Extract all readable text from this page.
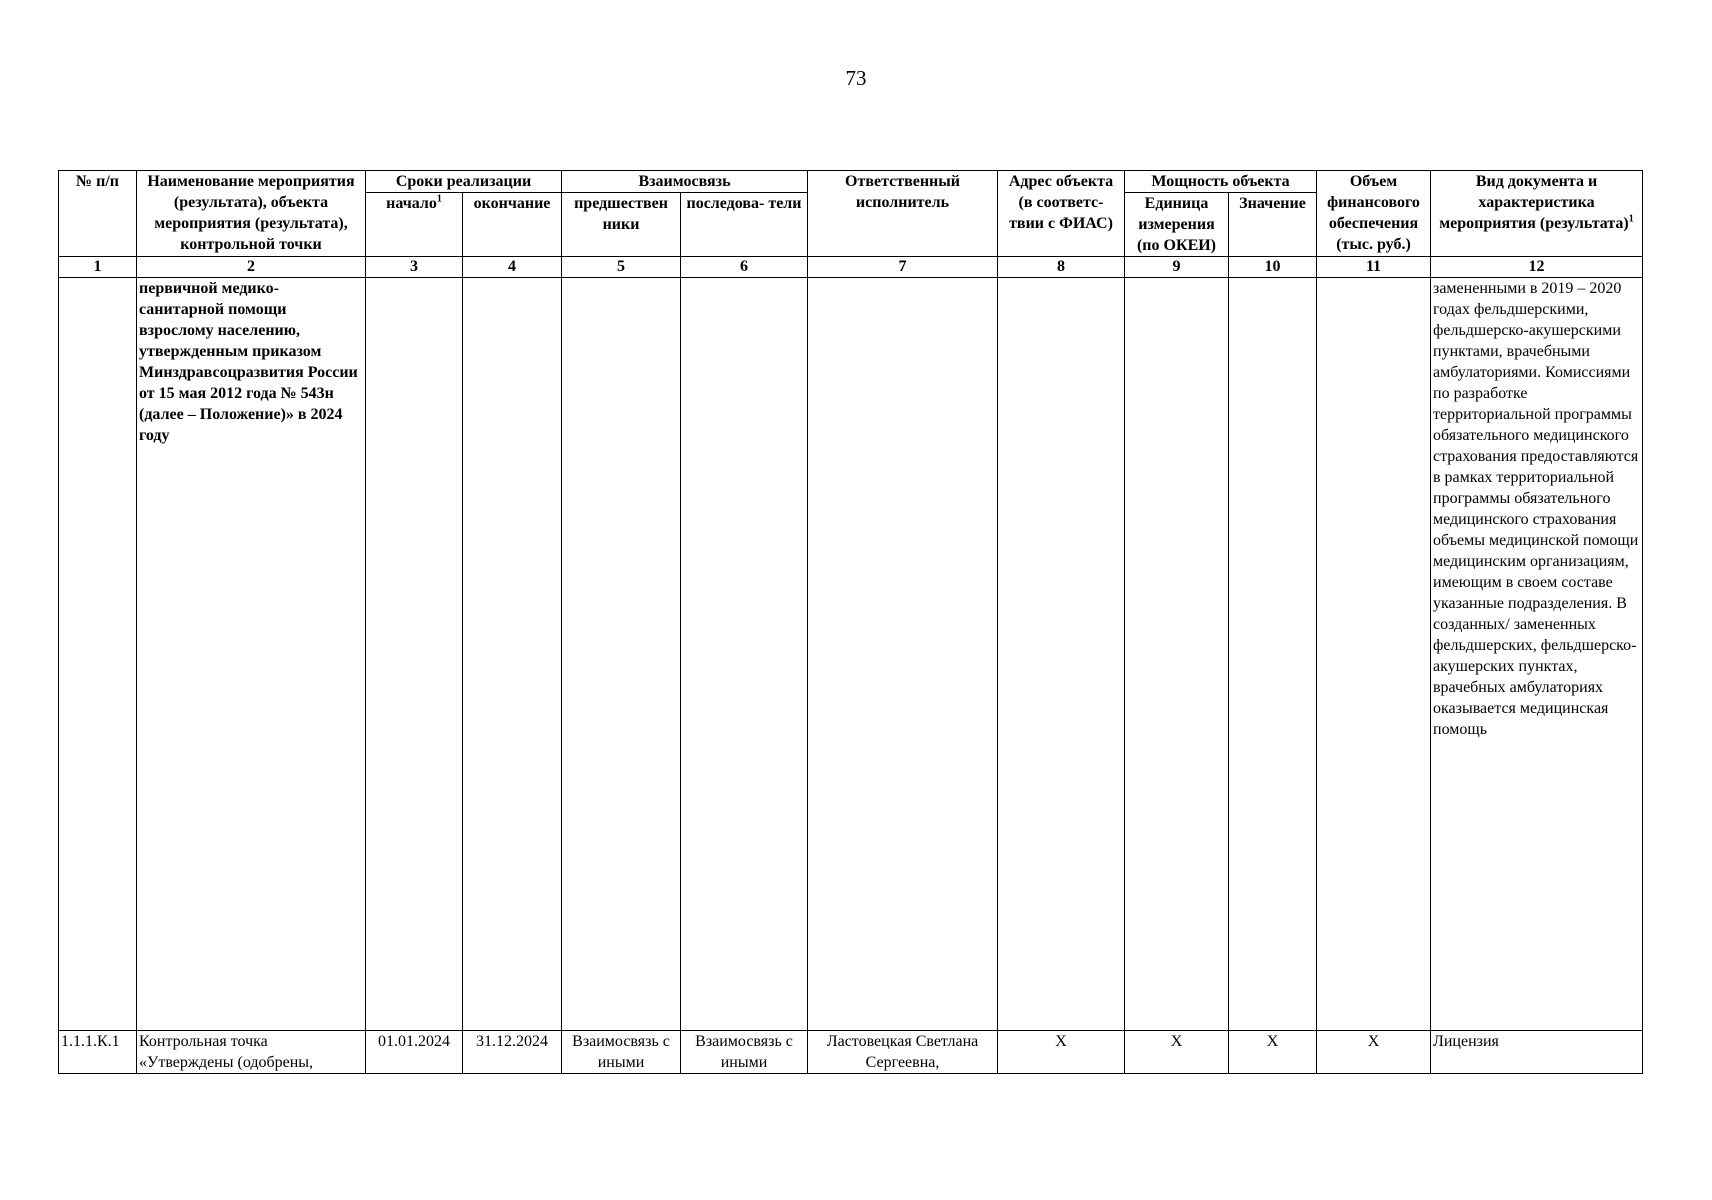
73
№ п/п	Наименование мероприятия (результата), объекта мероприятия (результата), контрольной точки	Сроки реализации		Взаимосвязь		Ответственный исполнитель	Адрес объекта (в соответс- твии с ФИАС)	Мощность объекта		Объем финансового обеспечения (тыс. руб.)	Вид документа и характеристика мероприятия (результата)$^1$
		начало$^1$	окончание	предшествен ники	последова- тели			Единица измерения (по ОКЕИ)	Значение		
1	2	3	4	5	6	7	8	9	10	11	12
	первичной медико-санитарной помощи взрослому населению, утвержденным приказом Минздравсоцразвития России от 15 мая 2012 года № 543н (далее – Положение)» в 2024 году										замененными в 2019 – 2020 годах фельдшерскими, фельдшерско-акушерскими пунктами, врачебными амбулаториями. Комиссиями по разработке территориальной программы обязательного медицинского страхования предоставляются в рамках территориальной программы обязательного медицинского страхования объемы медицинской помощи медицинским организациям, имеющим в своем составе указанные подразделения. В созданных/ замененных фельдшерских, фельдшерско-акушерских пунктах, врачебных амбулаториях оказывается медицинская помощь
1.1.1.К.1	Контрольная точка «Утверждены (одобрены,	01.01.2024	31.12.2024	Взаимосвязь с иными	Взаимосвязь с иными	Ластовецкая Светлана Сергеевна,	Х	Х	Х	Х	Лицензия
